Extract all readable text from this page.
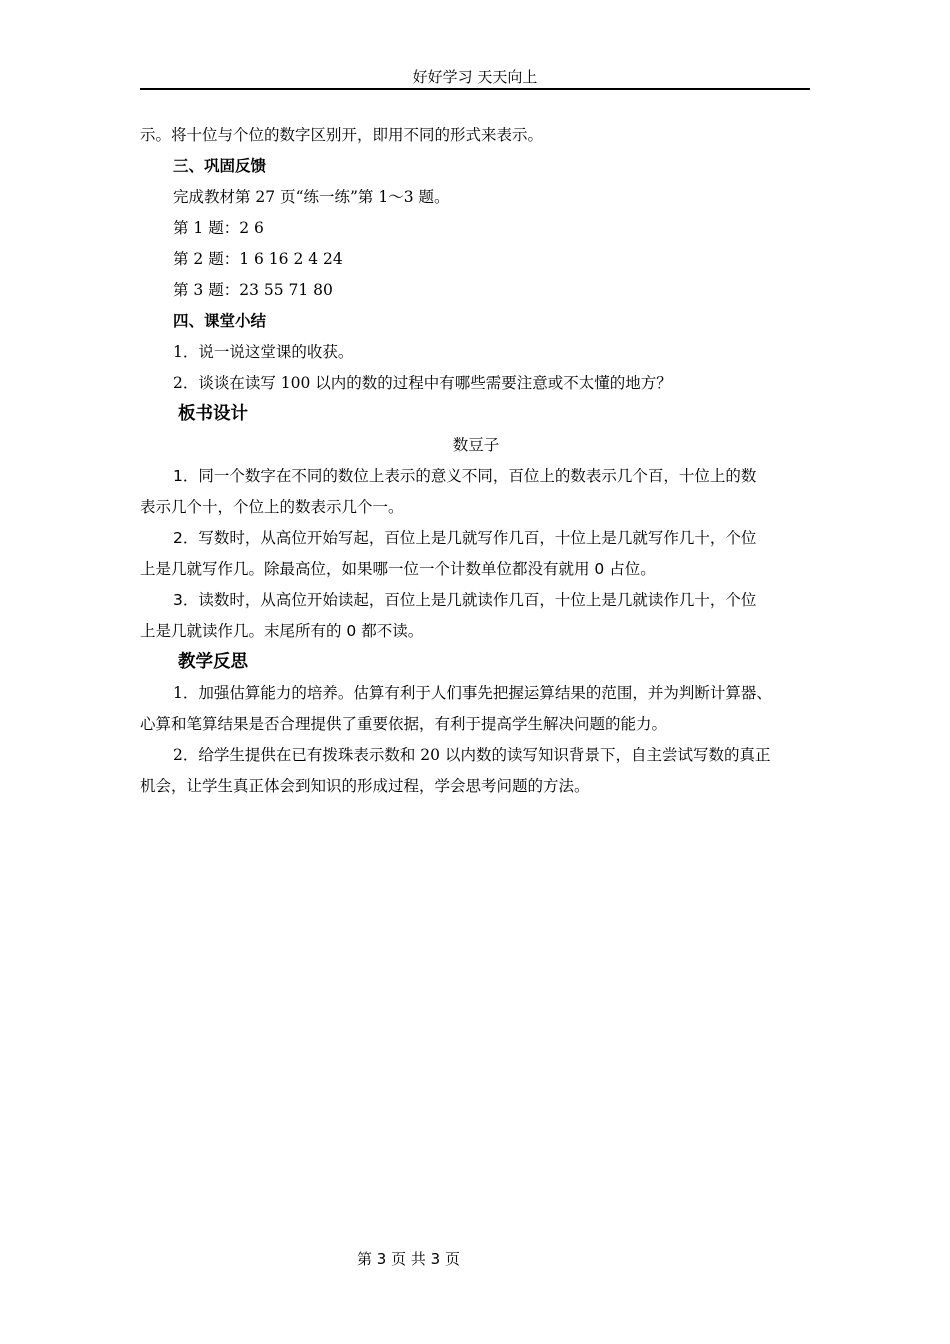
好好学习 天天向上

示。将十位与个位的数字区别开，即用不同的形式来表示。

三、巩固反馈

完成教材第 27 页“练一练”第 1～3 题。

第 1 题：2 6

第 2 题：1 6 16 2 4 24

第 3 题：23 55 71 80

四、课堂小结

1．说一说这堂课的收获。

2．谈谈在读写 100 以内的数的过程中有哪些需要注意或不太懂的地方？

板书设计
数豆子
1．同一个数字在不同的数位上表示的意义不同，百位上的数表示几个百，十位上的数
表示几个十，个位上的数表示几个一。
2．写数时，从高位开始写起，百位上是几就写作几百，十位上是几就写作几十，个位
上是几就写作几。除最高位，如果哪一位一个计数单位都没有就用 0 占位。
3．读数时，从高位开始读起，百位上是几就读作几百，十位上是几就读作几十，个位
上是几就读作几。末尾所有的 0 都不读。
教学反思
1．加强估算能力的培养。估算有利于人们事先把握运算结果的范围，并为判断计算器、
心算和笔算结果是否合理提供了重要依据，有利于提高学生解决问题的能力。
2．给学生提供在已有拨珠表示数和 20 以内数的读写知识背景下，自主尝试写数的真正
机会，让学生真正体会到知识的形成过程，学会思考问题的方法。
第 3 页 共 3 页
